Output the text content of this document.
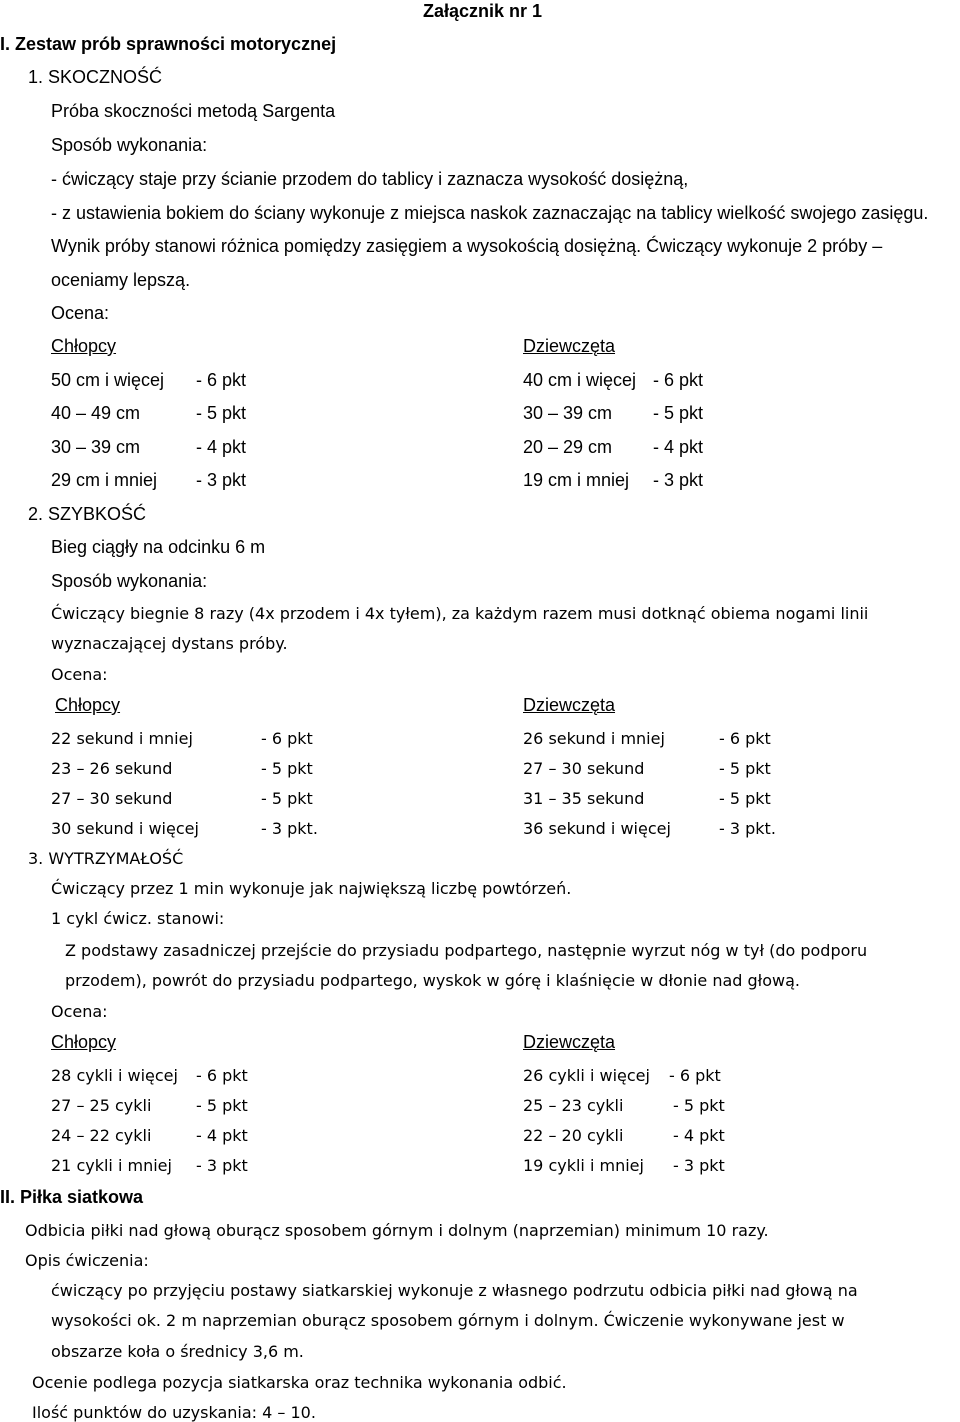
Załącznik nr 1
I. Zestaw prób sprawności motorycznej
1. SKOCZNOŚĆ
Próba skoczności metodą Sargenta
Sposób wykonania:
- ćwiczący staje przy ścianie przodem do tablicy i zaznacza wysokość dosiężną,
- z ustawienia bokiem do ściany wykonuje z miejsca naskok zaznaczając na tablicy wielkość swojego zasięgu.
Wynik próby stanowi różnica pomiędzy zasięgiem a wysokością dosiężną. Ćwiczący wykonuje 2 próby –
oceniamy lepszą.
Ocena:
Chłopcy	Dziewczęta
50 cm i więcej - 6 pkt	40 cm i więcej - 6 pkt
40 – 49 cm	- 5 pkt	30 – 39 cm - 5 pkt
30 – 39 cm	- 4 pkt	20 – 29 cm - 4 pkt
29 cm i mniej - 3 pkt	19 cm i mniej - 3 pkt
2. SZYBKOŚĆ
Bieg ciągły na odcinku 6 m
Sposób wykonania:
Ćwiczący biegnie 8 razy (4x przodem i 4x tyłem), za każdym razem musi dotknąć obiema nogami linii
wyznaczającej dystans próby.
Ocena:
Chłopcy	Dziewczęta
22 sekund i mniej	- 6 pkt	26 sekund i mniej	- 6 pkt
23 – 26 sekund	- 5 pkt	27 – 30 sekund	- 5 pkt
27 – 30 sekund	- 5 pkt	31 – 35 sekund	- 5 pkt
30 sekund i więcej	- 3 pkt.	36 sekund i więcej	- 3 pkt.
3. WYTRZYMAŁOŚĆ
Ćwiczący przez 1 min wykonuje jak największą liczbę powtórzeń.
1 cykl ćwicz. stanowi:
Z podstawy zasadniczej przejście do przysiadu podpartego, następnie wyrzut nóg w tył (do podporu
przodem), powrót do przysiadu podpartego, wyskok w górę i klaśnięcie w dłonie nad głową.
Ocena:
Chłopcy	Dziewczęta
28 cykli i więcej - 6 pkt	26 cykli i więcej - 6 pkt
27 – 25 cykli	- 5 pkt	25 – 23 cykli	- 5 pkt
24 – 22 cykli	- 4 pkt	22 – 20 cykli	- 4 pkt
21 cykli i mniej - 3 pkt	19 cykli i mniej - 3 pkt
II. Piłka siatkowa
Odbicia piłki nad głową oburącz sposobem górnym i dolnym (naprzemian) minimum 10 razy.
Opis ćwiczenia:
ćwiczący po przyjęciu postawy siatkarskiej wykonuje z własnego podrzutu odbicia piłki nad głową na
wysokości ok. 2 m naprzemian oburącz sposobem górnym i dolnym. Ćwiczenie wykonywane jest w
obszarze koła o średnicy 3,6 m.
Ocenie podlega pozycja siatkarska oraz technika wykonania odbić.
Ilość punktów do uzyskania: 4 – 10.
